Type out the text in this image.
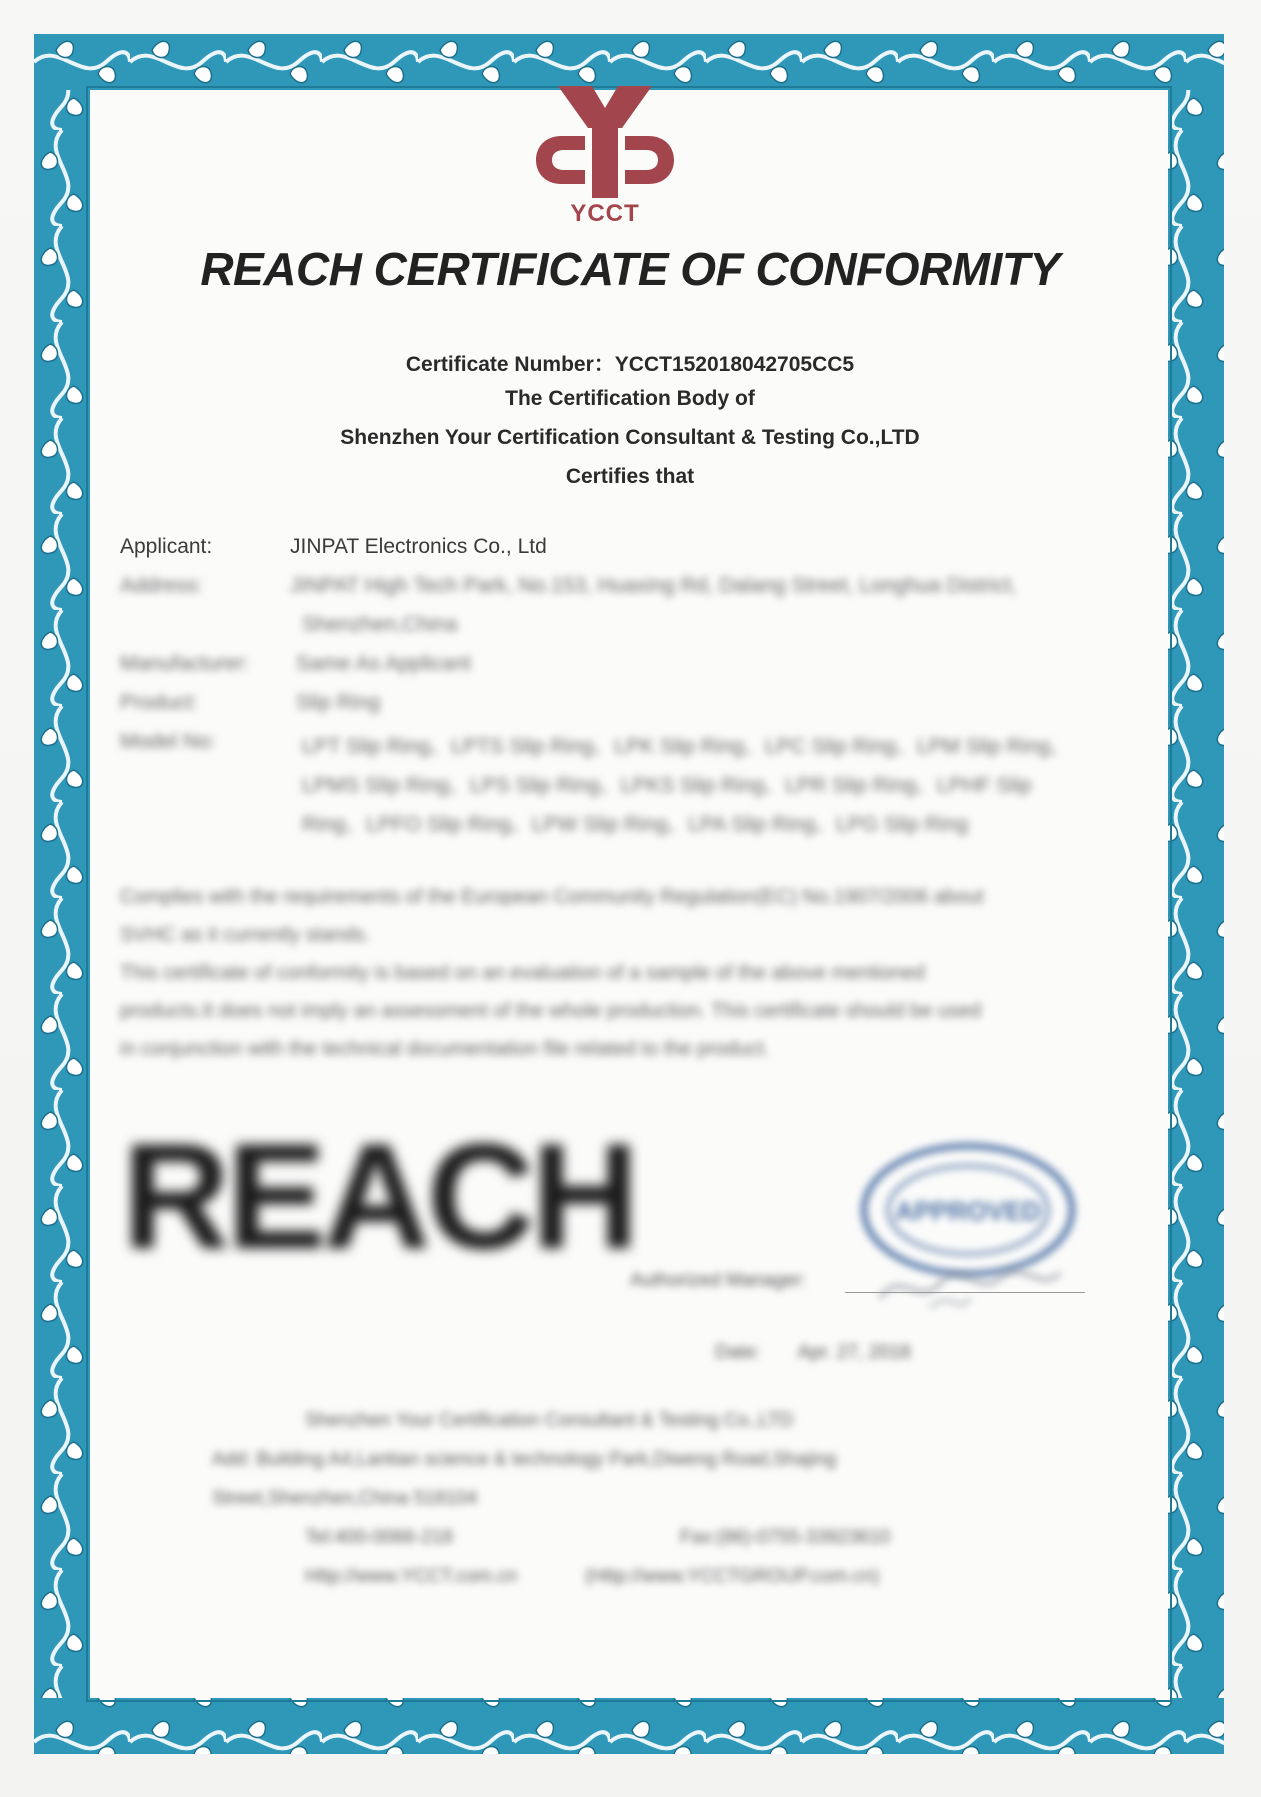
YCCT
REACH CERTIFICATE OF CONFORMITY
Certificate Number：YCCT152018042705CC5
The Certification Body of
Shenzhen Your Certification Consultant & Testing Co.,LTD
Certifies that
Applicant:	JINPAT Electronics Co., Ltd
Address:	JINPAT High Tech Park, No.153, Huaxing Rd, Dalang Street, Longhua District,
Shenzhen,China
Manufacturer: Same As Applicant
Product:	Slip Ring
Model No:	LPT Slip Ring、LPTS Slip Ring、LPK Slip Ring、LPC Slip Ring、LPM Slip Ring、
LPMS Slip Ring、LPS Slip Ring、LPKS Slip Ring、LPR Slip Ring、LPHF Slip
Ring、LPFO Slip Ring、LPW Slip Ring、LPA Slip Ring、LPG Slip Ring
Complies with the requirements of the European Community Regulation(EC) No.1907/2006 about
SVHC as it currently stands.
This certificate of conformity is based on an evaluation of a sample of the above mentioned
products.It does not imply an assessment of the whole production. This certificate should be used
in conjunction with the technical documentation file related to the product.
REACH	APPROVED
Authorized Manager:
Date: Apr. 27, 2018
Shenzhen Your Certification Consultant & Testing Co.,LTD
Add: Building A4,Lantian science & technology Park,Diweng Road,Shajing
Street,Shenzhen,China 518104
Tel:400-0066-218	Fax:(86)-0755-33923610
Http://www.YCCT.com.cn	(Http://www.YCCTGROUP.com.cn)
